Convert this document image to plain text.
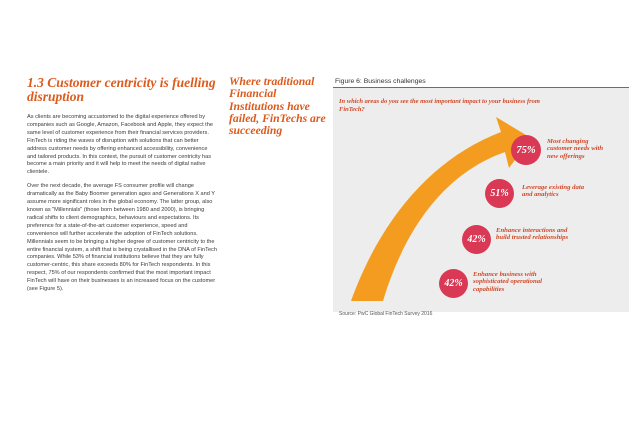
1.3 Customer centricity is fuelling disruption

As clients are becoming accustomed to the digital experience offered by companies such as Google, Amazon, Facebook and Apple, they expect the same level of customer experience from their financial services providers. FinTech is riding the waves of disruption with solutions that can better address customer needs by offering enhanced accessibility, convenience and tailored products. In this context, the pursuit of customer centricity has become a main priority and it will help to meet the needs of digital native clientele.

Over the next decade, the average FS consumer profile will change dramatically as the Baby Boomer generation ages and Generations X and Y assume more significant roles in the global economy. The latter group, also known as "Millennials" (those born between 1980 and 2000), is bringing radical shifts to client demographics, behaviours and expectations. Its preference for a state-of-the-art customer experience, speed and convenience will further accelerate the adoption of FinTech solutions. Millennials seem to be bringing a higher degree of customer centricity to the entire financial system, a shift that is being crystallised in the DNA of FinTech companies. While 53% of financial institutions believe that they are fully customer-centric, this share exceeds 80% for FinTech respondents. In this respect, 75% of our respondents confirmed that the most important impact FinTech will have on their businesses is an increased focus on the customer (see Figure 5).

Where traditional Financial Institutions have failed, FinTechs are succeeding

Figure 6: Business challenges
In which areas do you see the most important impact to your business from FinTech?
75%
Most changing customer needs with new offerings
51%
Leverage existing data and analytics
42%
Enhance interactions and build trusted relationships
42%
Enhance business with sophisticated operational capabilities
Source: PwC Global FinTech Survey 2016
